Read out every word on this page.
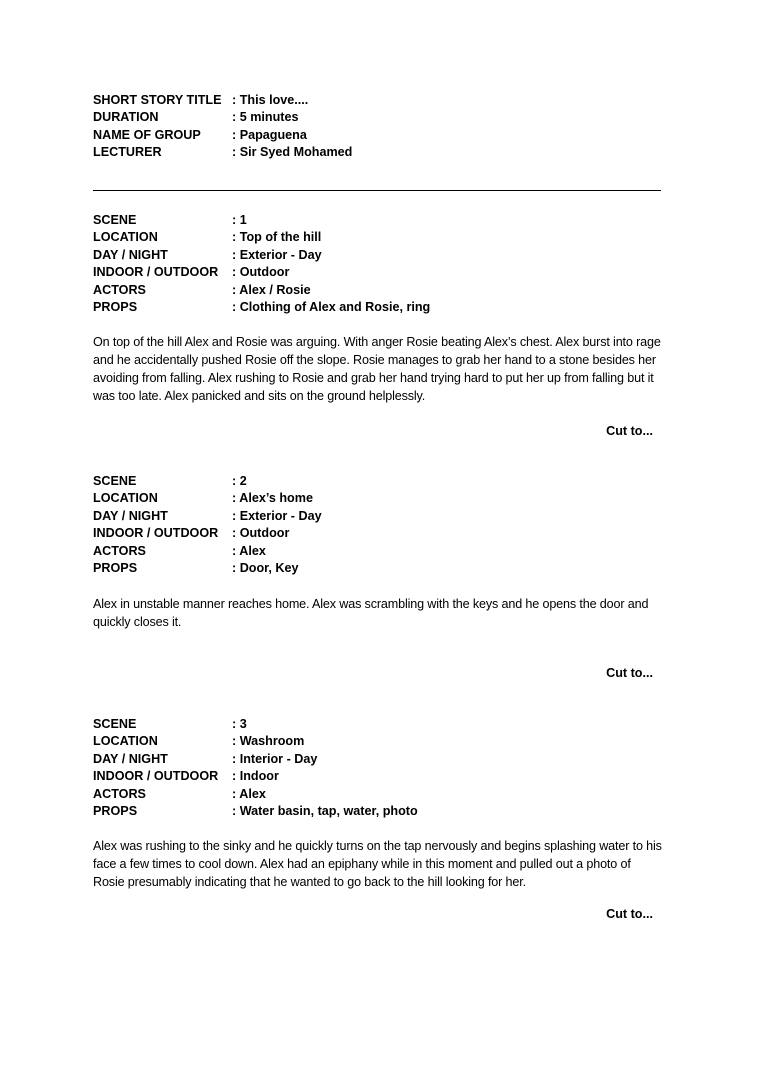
SHORT STORY TITLE : This love....
DURATION	: 5 minutes
NAME OF GROUP	: Papaguena
LECTURER	: Sir Syed Mohamed
SCENE	: 1
LOCATION	: Top of the hill
DAY / NIGHT	: Exterior - Day
INDOOR / OUTDOOR	: Outdoor
ACTORS	: Alex / Rosie
PROPS	: Clothing of Alex and Rosie, ring
On top of the hill Alex and Rosie was arguing. With anger Rosie beating Alex’s chest. Alex burst into rage and he accidentally pushed Rosie off the slope. Rosie manages to grab her hand to a stone besides her avoiding from falling. Alex rushing to Rosie and grab her hand trying hard to put her up from falling but it was too late. Alex panicked and sits on the ground helplessly.
Cut to...
SCENE	: 2
LOCATION	: Alex’s home
DAY / NIGHT	: Exterior - Day
INDOOR / OUTDOOR	: Outdoor
ACTORS	: Alex
PROPS	: Door, Key
Alex in unstable manner reaches home. Alex was scrambling with the keys and he opens the door and quickly closes it.
Cut to...
SCENE	: 3
LOCATION	: Washroom
DAY / NIGHT	: Interior - Day
INDOOR / OUTDOOR	: Indoor
ACTORS	: Alex
PROPS	: Water basin, tap, water, photo
Alex was rushing to the sinky and he quickly turns on the tap nervously and begins splashing water to his face a few times to cool down. Alex had an epiphany while in this moment and pulled out a photo of Rosie presumably indicating that he wanted to go back to the hill looking for her.
Cut to...
